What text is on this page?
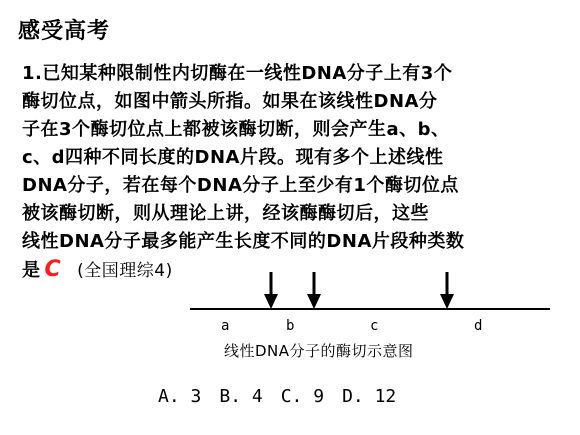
感受高考
1.已知某种限制性内切酶在一线性DNA分子上有3个
酶切位点，如图中箭头所指。如果在该线性DNA分
子在3个酶切位点上都被该酶切断，则会产生a、b、
c、d四种不同长度的DNA片段。现有多个上述线性
DNA分子，若在每个DNA分子上至少有1个酶切位点
被该酶切断，则从理论上讲，经该酶酶切后，这些
线性DNA分子最多能产生长度不同的DNA片段种类数
是 C (全国理综4)
a	b	c	d
线性DNA分子的酶切示意图
A. 3 B. 4 C. 9 D. 12
